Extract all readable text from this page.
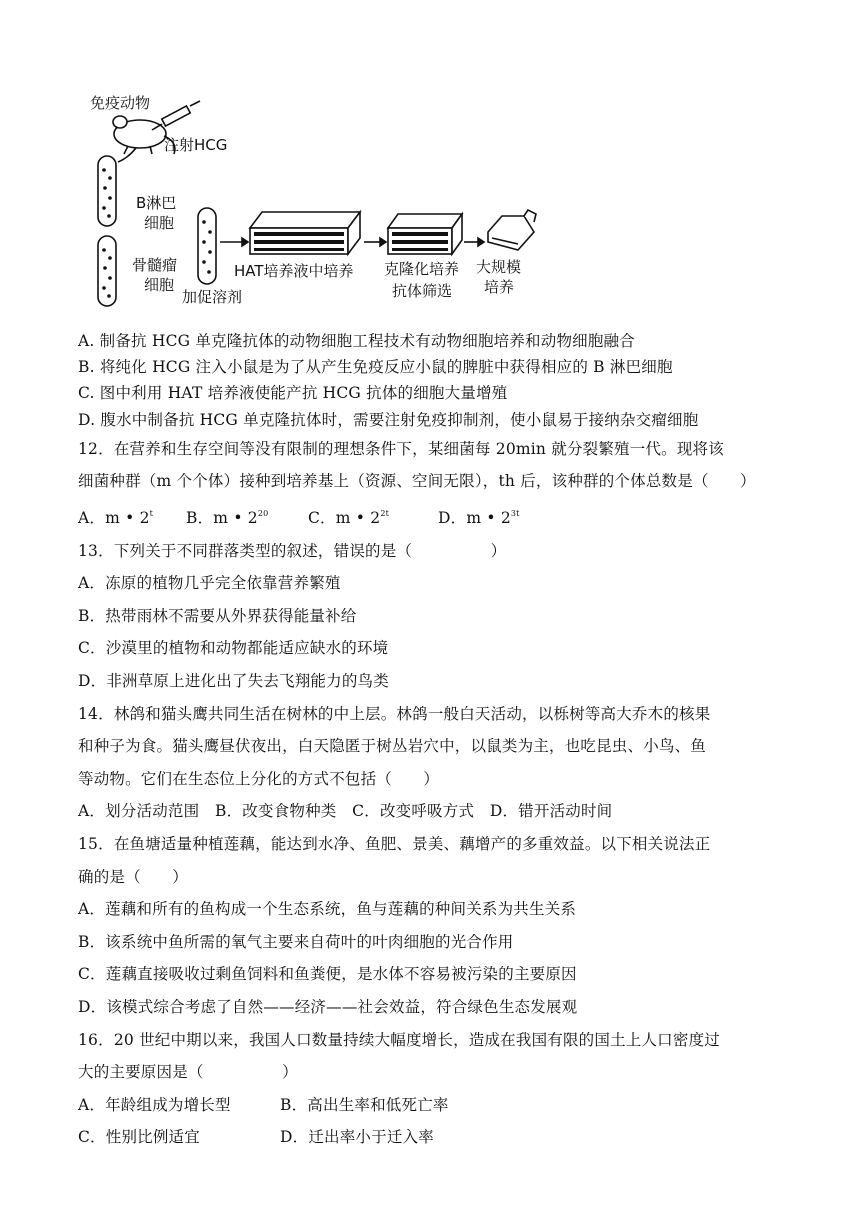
免疫动物
注射HCG
B淋巴
细胞
骨髓瘤
细胞
加促溶剂
HAT培养液中培养 克隆化培养
抗体筛选
大规模
培养
A. 制备抗 HCG 单克隆抗体的动物细胞工程技术有动物细胞培养和动物细胞融合
B. 将纯化 HCG 注入小鼠是为了从产生免疫反应小鼠的脾脏中获得相应的 B 淋巴细胞
C. 图中利用 HAT 培养液使能产抗 HCG 抗体的细胞大量增殖
D. 腹水中制备抗 HCG 单克隆抗体时，需要注射免疫抑制剂，使小鼠易于接纳杂交瘤细胞
12．在营养和生存空间等没有限制的理想条件下，某细菌每 20min 就分裂繁殖一代。现将该
细菌种群（m 个个体）接种到培养基上（资源、空间无限），th 后，该种群的个体总数是（　　）
A．m • 2$^t$ B．m • $2^{20}$	C．m • $2^{2t}$	D．m • $2^{3t}$
13．下列关于不同群落类型的叙述，错误的是（　　　　　）
A．冻原的植物几乎完全依靠营养繁殖
B．热带雨林不需要从外界获得能量补给
C．沙漠里的植物和动物都能适应缺水的环境
D．非洲草原上进化出了失去飞翔能力的鸟类
14．林鸽和猫头鹰共同生活在树林的中上层。林鸽一般白天活动，以栎树等高大乔木的核果
和种子为食。猫头鹰昼伏夜出，白天隐匿于树丛岩穴中，以鼠类为主，也吃昆虫、小鸟、鱼
等动物。它们在生态位上分化的方式不包括（　　）
A．划分活动范围　B．改变食物种类　C．改变呼吸方式　D．错开活动时间
15．在鱼塘适量种植莲藕，能达到水净、鱼肥、景美、藕增产的多重效益。以下相关说法正
确的是（　　）
A．莲藕和所有的鱼构成一个生态系统，鱼与莲藕的种间关系为共生关系
B．该系统中鱼所需的氧气主要来自荷叶的叶肉细胞的光合作用
C．莲藕直接吸收过剩鱼饲料和鱼粪便，是水体不容易被污染的主要原因
D．该模式综合考虑了自然——经济——社会效益，符合绿色生态发展观
16．20 世纪中期以来，我国人口数量持续大幅度增长，造成在我国有限的国土上人口密度过
大的主要原因是（　　　　　）
A．年龄组成为增长型	B．高出生率和低死亡率
C．性别比例适宜	D．迁出率小于迁入率
